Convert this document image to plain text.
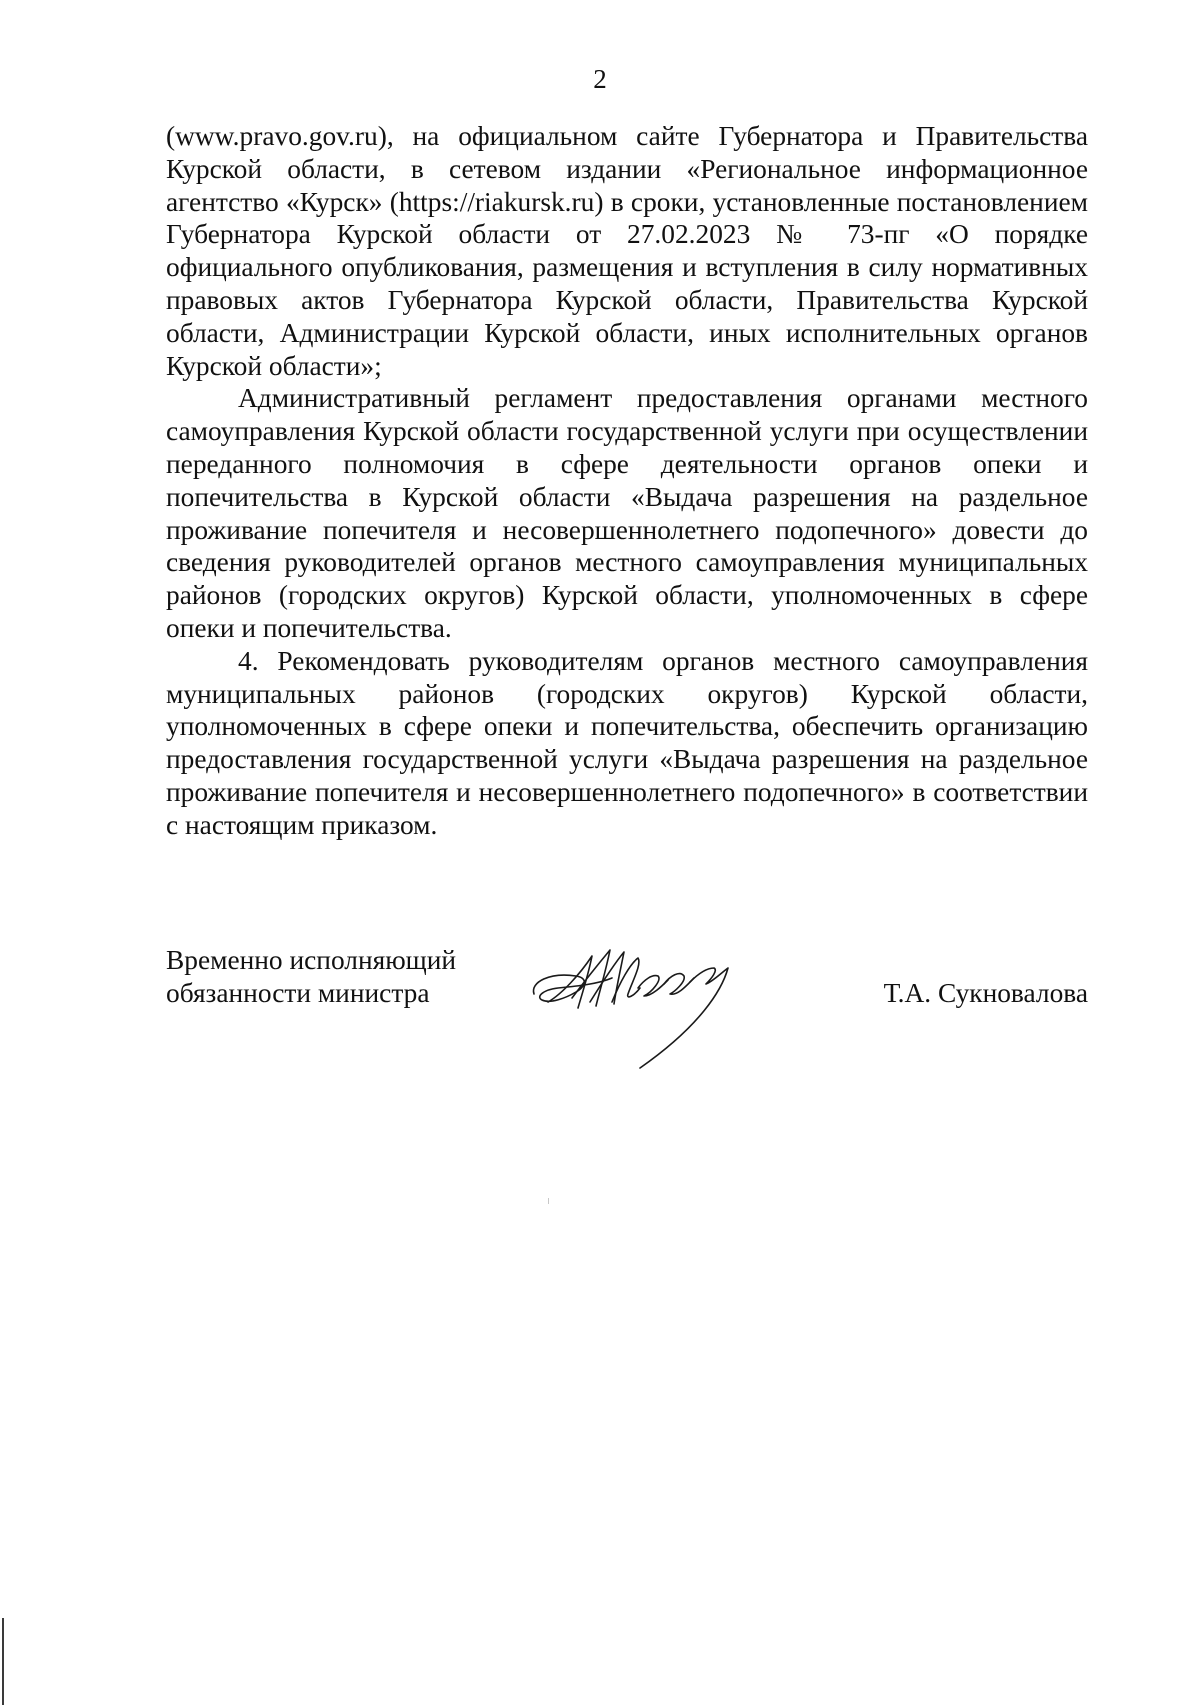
2

(www.pravo.gov.ru), на официальном сайте Губернатора и Правительства Курской области, в сетевом издании «Региональное информационное агентство «Курск» (https://riakursk.ru) в сроки, установленные постановлением Губернатора Курской области от 27.02.2023 № 73-пг «О порядке официального опубликования, размещения и вступления в силу нормативных правовых актов Губернатора Курской области, Правительства Курской области, Администрации Курской области, иных исполнительных органов Курской области»;

Административный регламент предоставления органами местного самоуправления Курской области государственной услуги при осуществлении переданного полномочия в сфере деятельности органов опеки и попечительства в Курской области «Выдача разрешения на раздельное проживание попечителя и несовершеннолетнего подопечного» довести до сведения руководителей органов местного самоуправления муниципальных районов (городских округов) Курской области, уполномоченных в сфере опеки и попечительства.

4. Рекомендовать руководителям органов местного самоуправления муниципальных районов (городских округов) Курской области, уполномоченных в сфере опеки и попечительства, обеспечить организацию предоставления государственной услуги «Выдача разрешения на раздельное проживание попечителя и несовершеннолетнего подопечного» в соответствии с настоящим приказом.

Временно исполняющий
обязанности министра	Т.А. Сукновалова
